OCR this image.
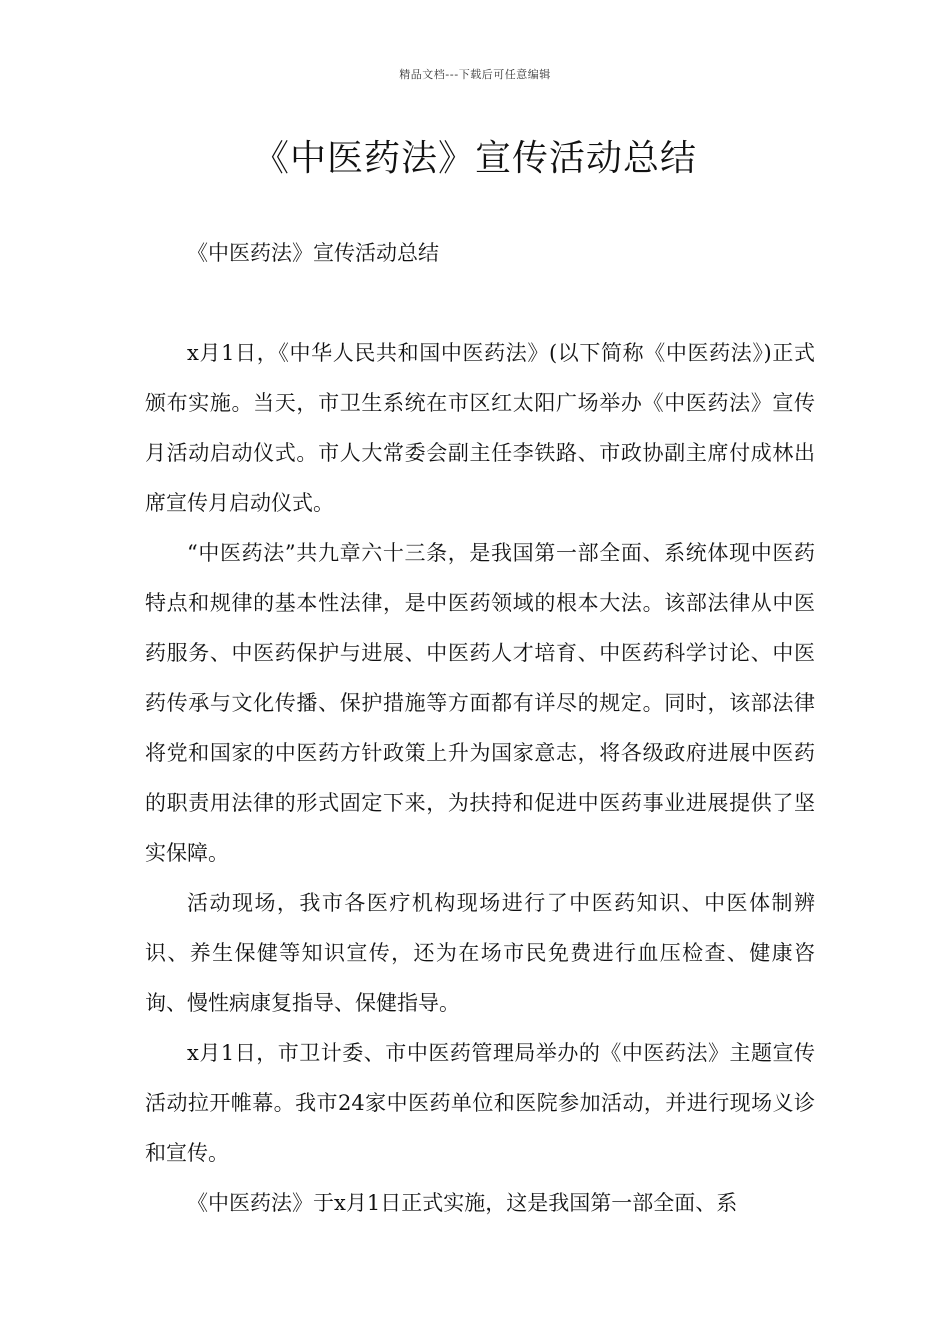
精品文档---下载后可任意编辑
《中医药法》宣传活动总结

《中医药法》宣传活动总结

x月1日，《中华人民共和国中医药法》(以下简称《中医药法》)正式颁布实施。当天，市卫生系统在市区红太阳广场举办《中医药法》宣传月活动启动仪式。市人大常委会副主任李铁路、市政协副主席付成林出席宣传月启动仪式。

“中医药法”共九章六十三条，是我国第一部全面、系统体现中医药特点和规律的基本性法律，是中医药领域的根本大法。该部法律从中医药服务、中医药保护与进展、中医药人才培育、中医药科学讨论、中医药传承与文化传播、保护措施等方面都有详尽的规定。同时，该部法律将党和国家的中医药方针政策上升为国家意志，将各级政府进展中医药的职责用法律的形式固定下来，为扶持和促进中医药事业进展提供了坚实保障。

活动现场，我市各医疗机构现场进行了中医药知识、中医体制辨识、养生保健等知识宣传，还为在场市民免费进行血压检查、健康咨询、慢性病康复指导、保健指导。

x月1日，市卫计委、市中医药管理局举办的《中医药法》主题宣传活动拉开帷幕。我市24家中医药单位和医院参加活动，并进行现场义诊和宣传。

《中医药法》于x月1日正式实施，这是我国第一部全面、系
